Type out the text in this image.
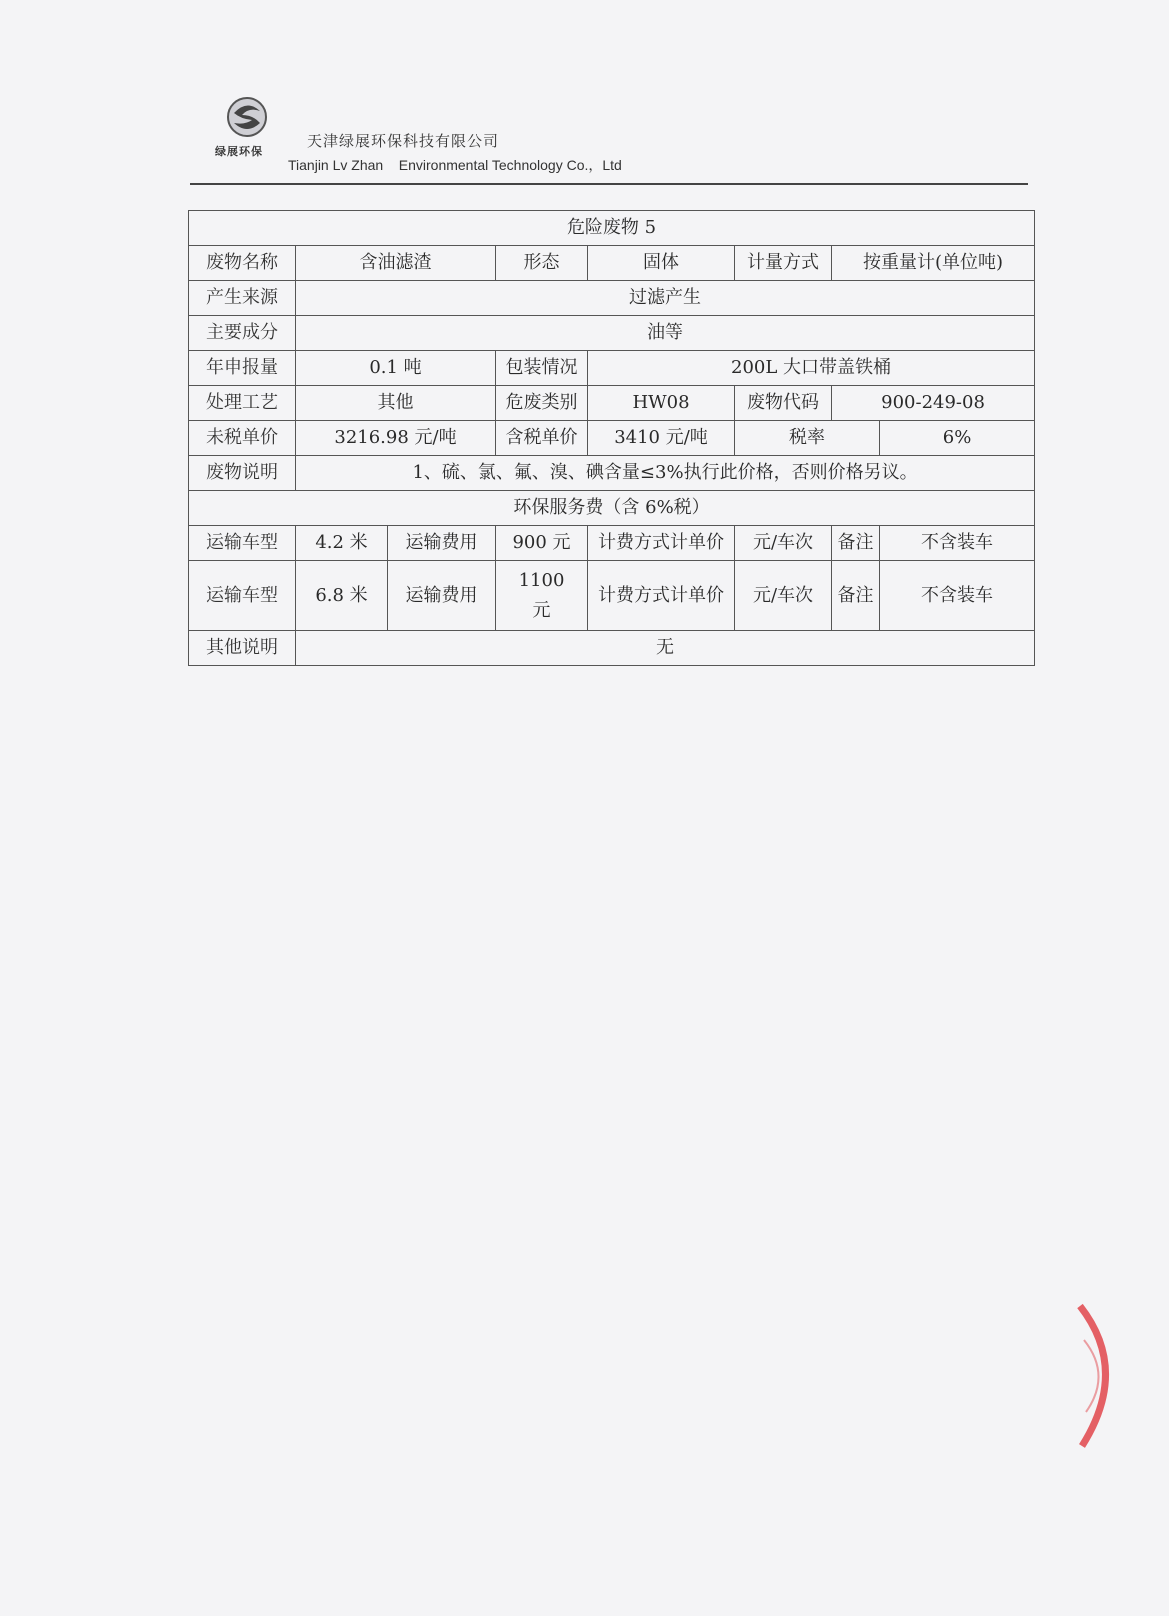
绿展环保
天津绿展环保科技有限公司
Tianjin Lv Zhan    Environmental Technology Co.，Ltd
危险废物 5							
废物名称	含油滤渣		形态	固体	计量方式	按重量计(单位吨)	
产生来源	过滤产生						
主要成分	油等						
年申报量	0.1 吨		包装情况	200L 大口带盖铁桶			
处理工艺	其他		危废类别	HW08	废物代码	900-249-08	
未税单价	3216.98 元/吨		含税单价	3410 元/吨	税率		6%
废物说明	1、硫、氯、氟、溴、碘含量≤3%执行此价格，否则价格另议。						
环保服务费（含 6%税）							
运输车型	4.2 米	运输费用	900 元	计费方式计单价	元/车次	备注	不含装车
运输车型	6.8 米	运输费用	1100 元	计费方式计单价	元/车次	备注	不含装车
其他说明	无						
